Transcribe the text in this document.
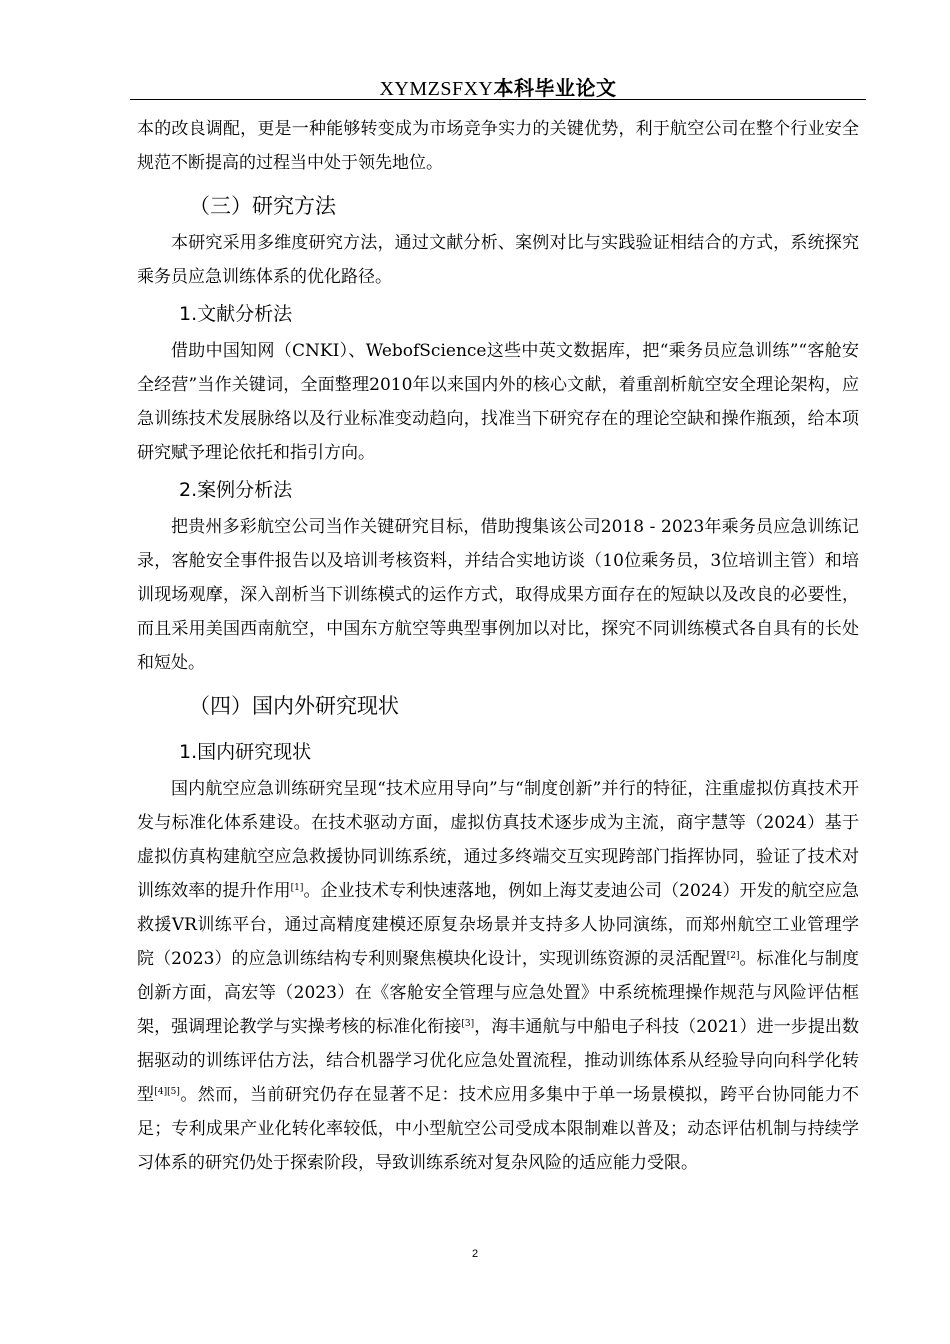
XYMZSFXY本科毕业论文

本的改良调配，更是一种能够转变成为市场竞争实力的关键优势，利于航空公司在整个行业安全规范不断提高的过程当中处于领先地位。

（三）研究方法

本研究采用多维度研究方法，通过文献分析、案例对比与实践验证相结合的方式，系统探究乘务员应急训练体系的优化路径。

1.文献分析法

借助中国知网（CNKI）、WebofScience这些中英文数据库，把“乘务员应急训练”“客舱安全经营”当作关键词，全面整理2010年以来国内外的核心文献，着重剖析航空安全理论架构，应急训练技术发展脉络以及行业标准变动趋向，找准当下研究存在的理论空缺和操作瓶颈，给本项研究赋予理论依托和指引方向。

2.案例分析法

把贵州多彩航空公司当作关键研究目标，借助搜集该公司2018 - 2023年乘务员应急训练记录，客舱安全事件报告以及培训考核资料，并结合实地访谈（10位乘务员，3位培训主管）和培训现场观摩，深入剖析当下训练模式的运作方式，取得成果方面存在的短缺以及改良的必要性，而且采用美国西南航空，中国东方航空等典型事例加以对比，探究不同训练模式各自具有的长处和短处。

（四）国内外研究现状
1.国内研究现状

国内航空应急训练研究呈现“技术应用导向”与“制度创新”并行的特征，注重虚拟仿真技术开发与标准化体系建设。在技术驱动方面，虚拟仿真技术逐步成为主流，商宇慧等（2024）基于虚拟仿真构建航空应急救援协同训练系统，通过多终端交互实现跨部门指挥协同，验证了技术对训练效率的提升作用[1]。企业技术专利快速落地，例如上海艾麦迪公司（2024）开发的航空应急救援VR训练平台，通过高精度建模还原复杂场景并支持多人协同演练，而郑州航空工业管理学院（2023）的应急训练结构专利则聚焦模块化设计，实现训练资源的灵活配置[2]。标准化与制度创新方面，高宏等（2023）在《客舱安全管理与应急处置》中系统梳理操作规范与风险评估框架，强调理论教学与实操考核的标准化衔接[3]，海丰通航与中船电子科技（2021）进一步提出数据驱动的训练评估方法，结合机器学习优化应急处置流程，推动训练体系从经验导向向科学化转型[4][5]。然而，当前研究仍存在显著不足：技术应用多集中于单一场景模拟，跨平台协同能力不足；专利成果产业化转化率较低，中小型航空公司受成本限制难以普及；动态评估机制与持续学习体系的研究仍处于探索阶段，导致训练系统对复杂风险的适应能力受限。

2
